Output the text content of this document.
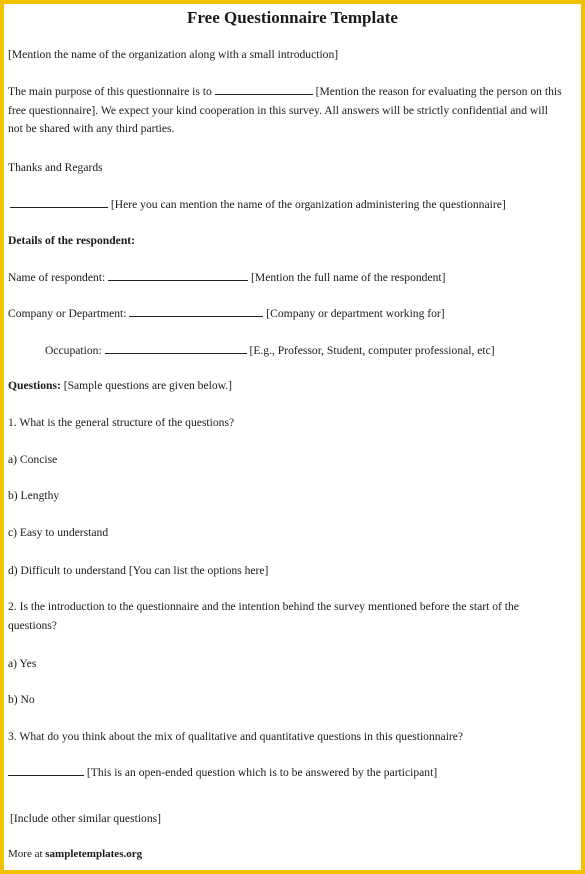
Free Questionnaire Template
[Mention the name of the organization along with a small introduction]
The main purpose of this questionnaire is to	[Mention the reason for evaluating the person on this free questionnaire]. We expect your kind cooperation in this survey. All answers will be strictly confidential and will not be shared with any third parties.
Thanks and Regards
[Here you can mention the name of the organization administering the questionnaire]
Details of the respondent:
Name of respondent:	[Mention the full name of the respondent]
Company or Department:	[Company or department working for]
Occupation:	[E.g., Professor, Student, computer professional, etc]
Questions: [Sample questions are given below.]
1. What is the general structure of the questions?
a) Concise
b) Lengthy
c) Easy to understand
d) Difficult to understand [You can list the options here]
2. Is the introduction to the questionnaire and the intention behind the survey mentioned before the start of the questions?
a) Yes
b) No
3. What do you think about the mix of qualitative and quantitative questions in this questionnaire?
[This is an open-ended question which is to be answered by the participant]
[Include other similar questions]
More at sampletemplates.org
